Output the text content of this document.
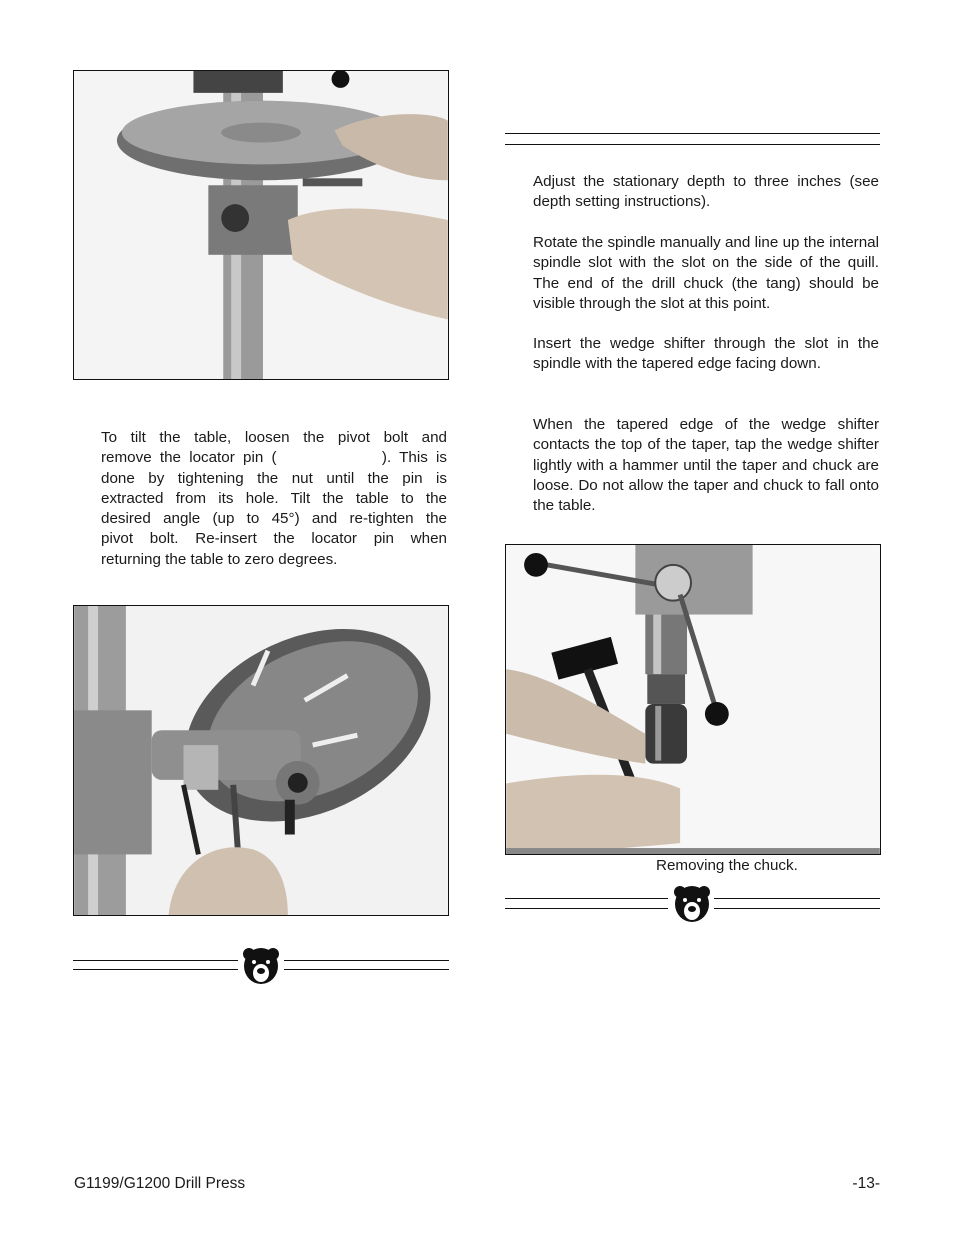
To tilt the table, loosen the pivot bolt and
remove the locator pin (	). This is
done by tightening the nut until the pin is
extracted from its hole. Tilt the table to the
desired angle (up to 45°) and re-tighten the
pivot bolt. Re-insert the locator pin when
returning the table to zero degrees.

Adjust the stationary depth to three inches (see depth setting instructions).

Rotate the spindle manually and line up the internal spindle slot with the slot on the side of the quill. The end of the drill chuck (the tang) should be visible through the slot at this point.

Insert the wedge shifter through the slot in the spindle with the tapered edge facing down.

When the tapered edge of the wedge shifter contacts the top of the taper, tap the wedge shifter lightly with a hammer until the taper and chuck are loose. Do not allow the taper and chuck to fall onto the table.

Removing the chuck.
G1199/G1200 Drill Press	-13-
